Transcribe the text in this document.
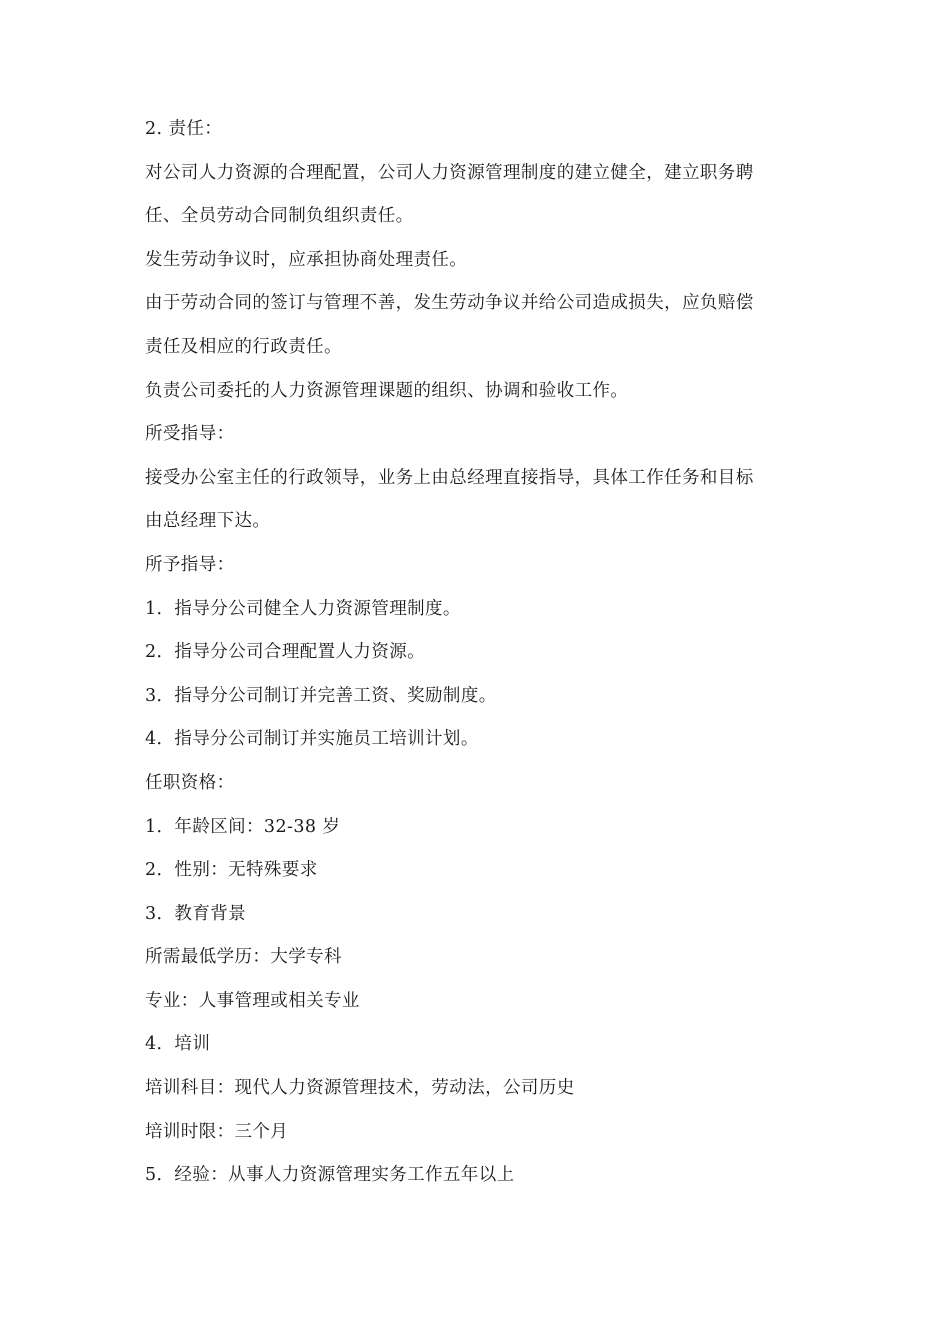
2. 责任：
对公司人力资源的合理配置，公司人力资源管理制度的建立健全，建立职务聘
任、全员劳动合同制负组织责任。
发生劳动争议时，应承担协商处理责任。
由于劳动合同的签订与管理不善，发生劳动争议并给公司造成损失，应负赔偿
责任及相应的行政责任。
负责公司委托的人力资源管理课题的组织、协调和验收工作。
所受指导：
接受办公室主任的行政领导，业务上由总经理直接指导，具体工作任务和目标
由总经理下达。
所予指导：
1．指导分公司健全人力资源管理制度。
2．指导分公司合理配置人力资源。
3．指导分公司制订并完善工资、奖励制度。
4．指导分公司制订并实施员工培训计划。
任职资格：
1．年龄区间：32-38 岁
2．性别：无特殊要求
3．教育背景
所需最低学历：大学专科
专业：人事管理或相关专业
4．培训
培训科目：现代人力资源管理技术，劳动法，公司历史
培训时限：三个月
5．经验：从事人力资源管理实务工作五年以上
